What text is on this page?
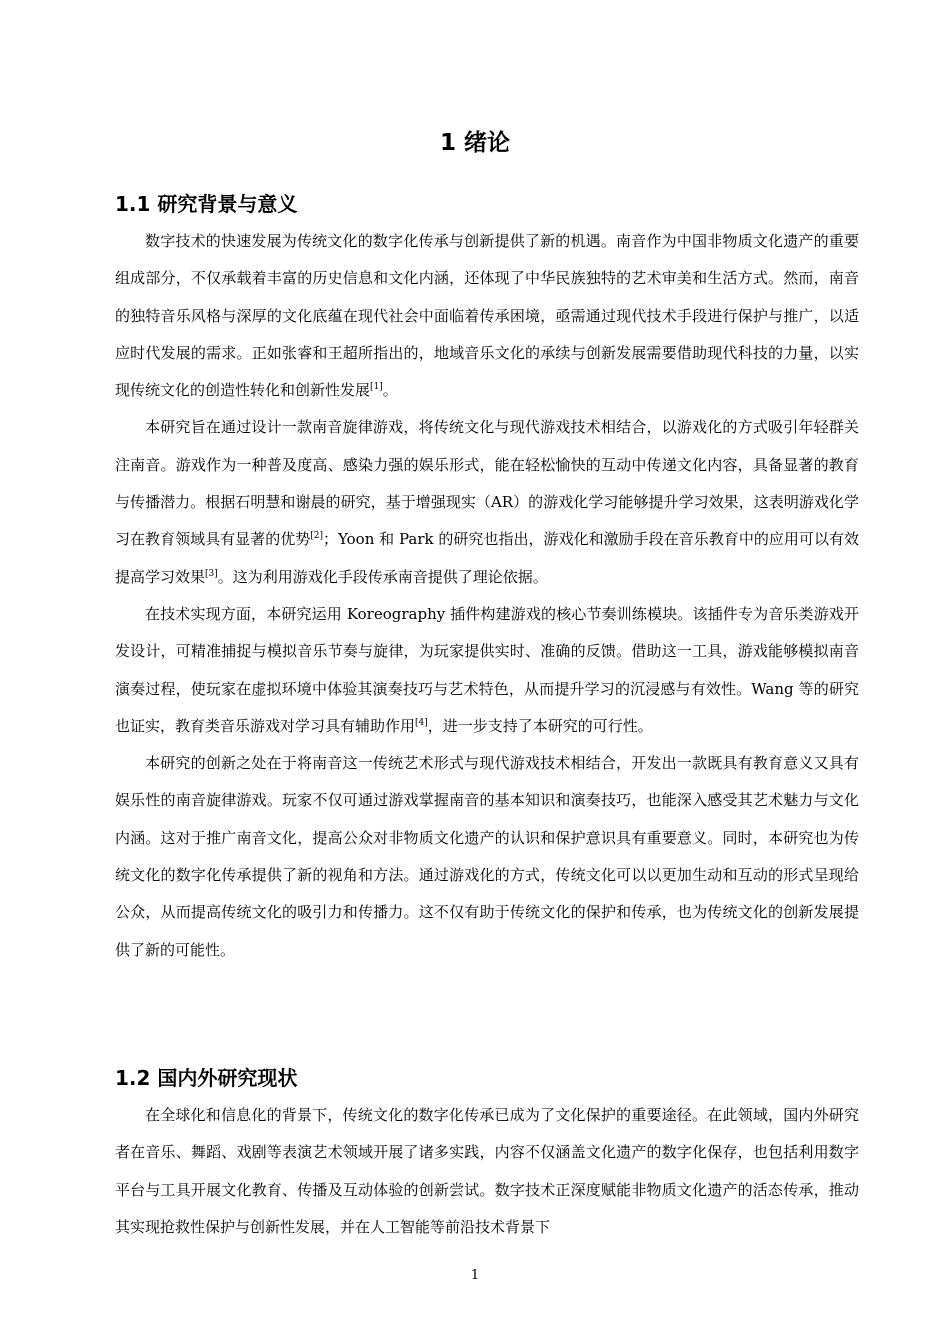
1 绪论
1.1 研究背景与意义

数字技术的快速发展为传统文化的数字化传承与创新提供了新的机遇。南音作为中国非物质文化遗产的重要组成部分，不仅承载着丰富的历史信息和文化内涵，还体现了中华民族独特的艺术审美和生活方式。然而，南音的独特音乐风格与深厚的文化底蕴在现代社会中面临着传承困境，亟需通过现代技术手段进行保护与推广，以适应时代发展的需求。正如张睿和王超所指出的，地域音乐文化的承续与创新发展需要借助现代科技的力量，以实现传统文化的创造性转化和创新性发展[1]。

本研究旨在通过设计一款南音旋律游戏，将传统文化与现代游戏技术相结合，以游戏化的方式吸引年轻群关注南音。游戏作为一种普及度高、感染力强的娱乐形式，能在轻松愉快的互动中传递文化内容，具备显著的教育与传播潜力。根据石明慧和谢晨的研究，基于增强现实（AR）的游戏化学习能够提升学习效果，这表明游戏化学习在教育领域具有显著的优势[2]；Yoon 和 Park 的研究也指出，游戏化和激励手段在音乐教育中的应用可以有效提高学习效果[3]。这为利用游戏化手段传承南音提供了理论依据。

在技术实现方面，本研究运用 Koreography 插件构建游戏的核心节奏训练模块。该插件专为音乐类游戏开发设计，可精准捕捉与模拟音乐节奏与旋律，为玩家提供实时、准确的反馈。借助这一工具，游戏能够模拟南音演奏过程，使玩家在虚拟环境中体验其演奏技巧与艺术特色，从而提升学习的沉浸感与有效性。Wang 等的研究也证实，教育类音乐游戏对学习具有辅助作用[4]，进一步支持了本研究的可行性。

本研究的创新之处在于将南音这一传统艺术形式与现代游戏技术相结合，开发出一款既具有教育意义又具有娱乐性的南音旋律游戏。玩家不仅可通过游戏掌握南音的基本知识和演奏技巧，也能深入感受其艺术魅力与文化内涵。这对于推广南音文化，提高公众对非物质文化遗产的认识和保护意识具有重要意义。同时，本研究也为传统文化的数字化传承提供了新的视角和方法。通过游戏化的方式，传统文化可以以更加生动和互动的形式呈现给公众，从而提高传统文化的吸引力和传播力。这不仅有助于传统文化的保护和传承，也为传统文化的创新发展提供了新的可能性。

1.2 国内外研究现状

在全球化和信息化的背景下，传统文化的数字化传承已成为了文化保护的重要途径。在此领域，国内外研究者在音乐、舞蹈、戏剧等表演艺术领域开展了诸多实践，内容不仅涵盖文化遗产的数字化保存，也包括利用数字平台与工具开展文化教育、传播及互动体验的创新尝试。数字技术正深度赋能非物质文化遗产的活态传承，推动其实现抢救性保护与创新性发展，并在人工智能等前沿技术背景下

1
